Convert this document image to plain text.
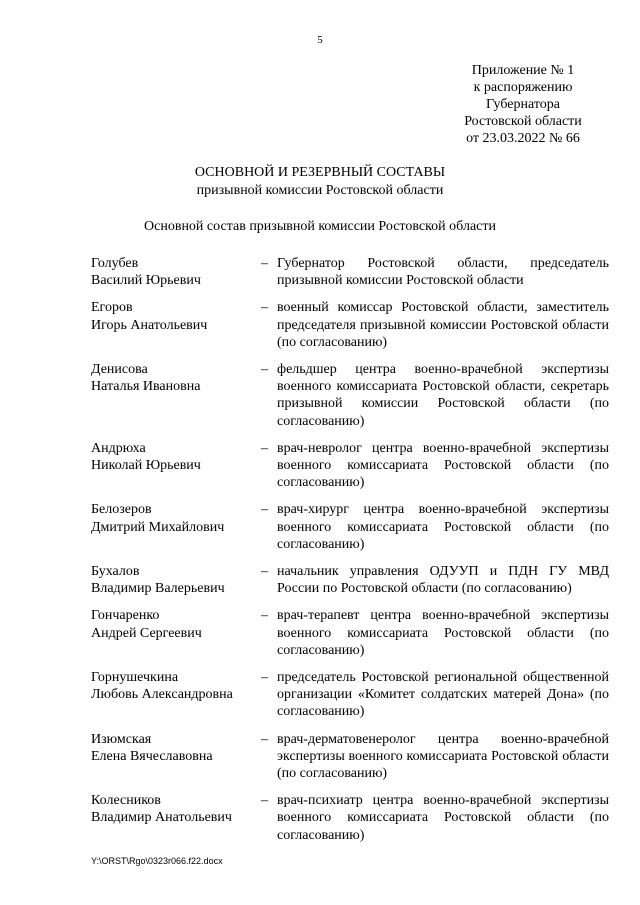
5
Приложение № 1
к распоряжению
Губернатора
Ростовской области
от 23.03.2022 № 66
ОСНОВНОЙ И РЕЗЕРВНЫЙ СОСТАВЫ
призывной комиссии Ростовской области
Основной состав призывной комиссии Ростовской области
Голубев
Василий Юрьевич
– Губернатор Ростовской области, председатель призывной комиссии Ростовской области
Егоров
Игорь Анатольевич
– военный комиссар Ростовской области, заместитель председателя призывной комиссии Ростовской области (по согласованию)
Денисова
Наталья Ивановна
– фельдшер центра военно-врачебной экспертизы военного комиссариата Ростовской области, секретарь призывной комиссии Ростовской области (по согласованию)
Андрюха
Николай Юрьевич
– врач-невролог центра военно-врачебной экспертизы военного комиссариата Ростовской области (по согласованию)
Белозеров
Дмитрий Михайлович
– врач-хирург центра военно-врачебной экспертизы военного комиссариата Ростовской области (по согласованию)
Бухалов
Владимир Валерьевич
– начальник управления ОДУУП и ПДН ГУ МВД России по Ростовской области (по согласованию)
Гончаренко
Андрей Сергеевич
– врач-терапевт центра военно-врачебной экспертизы военного комиссариата Ростовской области (по согласованию)
Горнушечкина
Любовь Александровна
– председатель Ростовской региональной общественной организации «Комитет солдатских матерей Дона» (по согласованию)
Изюмская
Елена Вячеславовна
– врач-дерматовенеролог центра военно-врачебной экспертизы военного комиссариата Ростовской области (по согласованию)
Колесников
Владимир Анатольевич
– врач-психиатр центра военно-врачебной экспертизы военного комиссариата Ростовской области (по согласованию)
Y:\ORST\Rgo\0323r066.f22.docx
